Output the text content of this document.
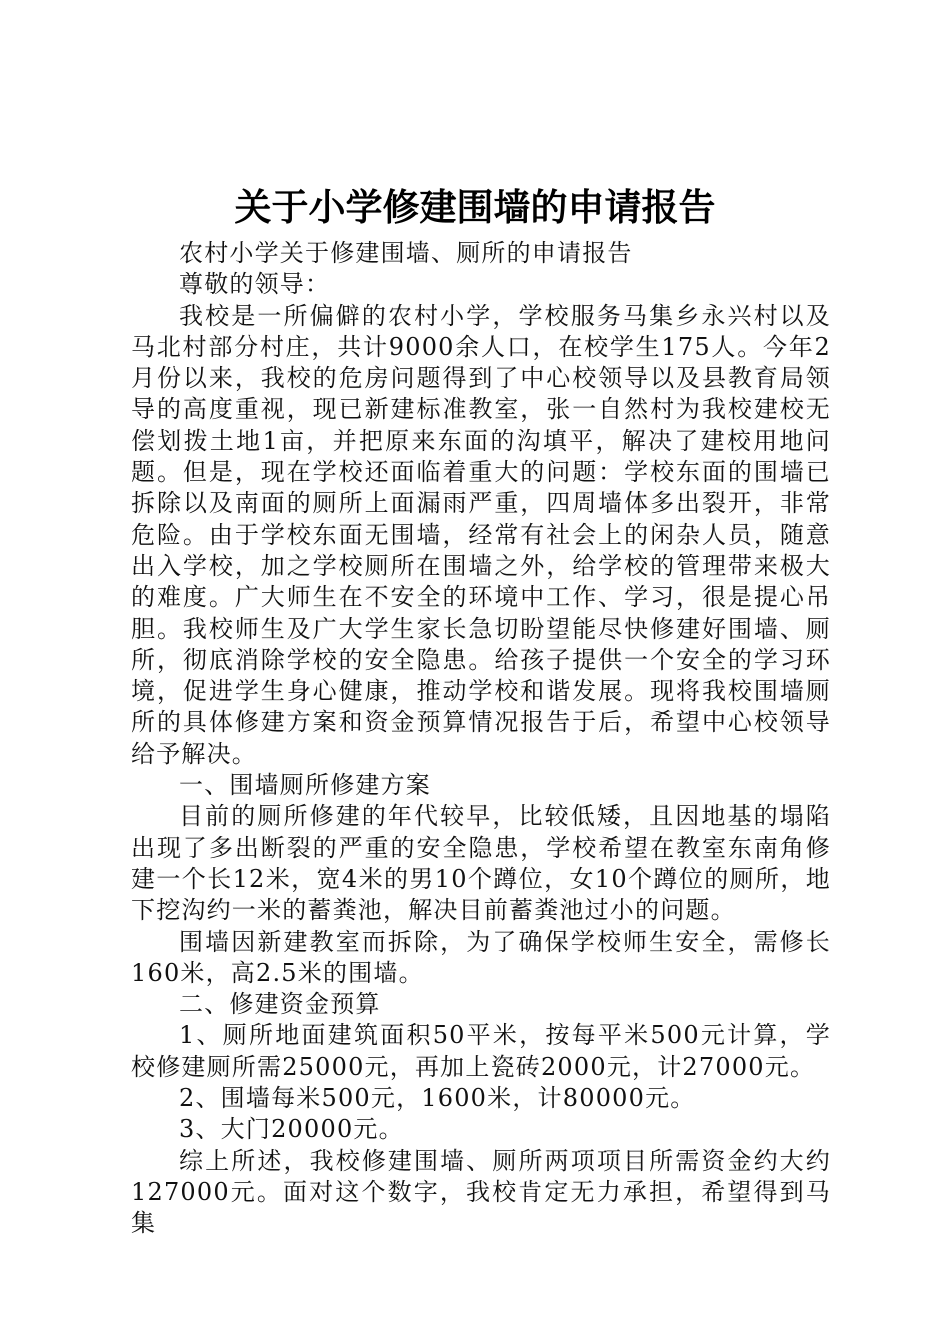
关于小学修建围墙的申请报告

农村小学关于修建围墙、厕所的申请报告

尊敬的领导：

我校是一所偏僻的农村小学，学校服务马集乡永兴村以及马北村部分村庄，共计9000余人口，在校学生175人。今年2月份以来，我校的危房问题得到了中心校领导以及县教育局领导的高度重视，现已新建标准教室，张一自然村为我校建校无偿划拨土地1亩，并把原来东面的沟填平，解决了建校用地问题。但是，现在学校还面临着重大的问题：学校东面的围墙已拆除以及南面的厕所上面漏雨严重，四周墙体多出裂开，非常危险。由于学校东面无围墙，经常有社会上的闲杂人员，随意出入学校，加之学校厕所在围墙之外，给学校的管理带来极大的难度。广大师生在不安全的环境中工作、学习，很是提心吊胆。我校师生及广大学生家长急切盼望能尽快修建好围墙、厕所，彻底消除学校的安全隐患。给孩子提供一个安全的学习环境，促进学生身心健康，推动学校和谐发展。现将我校围墙厕所的具体修建方案和资金预算情况报告于后，希望中心校领导给予解决。

一、围墙厕所修建方案

目前的厕所修建的年代较早，比较低矮，且因地基的塌陷出现了多出断裂的严重的安全隐患，学校希望在教室东南角修建一个长12米，宽4米的男10个蹲位，女10个蹲位的厕所，地下挖沟约一米的蓄粪池，解决目前蓄粪池过小的问题。

围墙因新建教室而拆除，为了确保学校师生安全，需修长160米，高2.5米的围墙。

二、修建资金预算

1、厕所地面建筑面积50平米，按每平米500元计算，学校修建厕所需25000元，再加上瓷砖2000元，计27000元。

2、围墙每米500元，1600米，计80000元。

3、大门20000元。

综上所述，我校修建围墙、厕所两项项目所需资金约大约127000元。面对这个数字，我校肯定无力承担，希望得到马集
